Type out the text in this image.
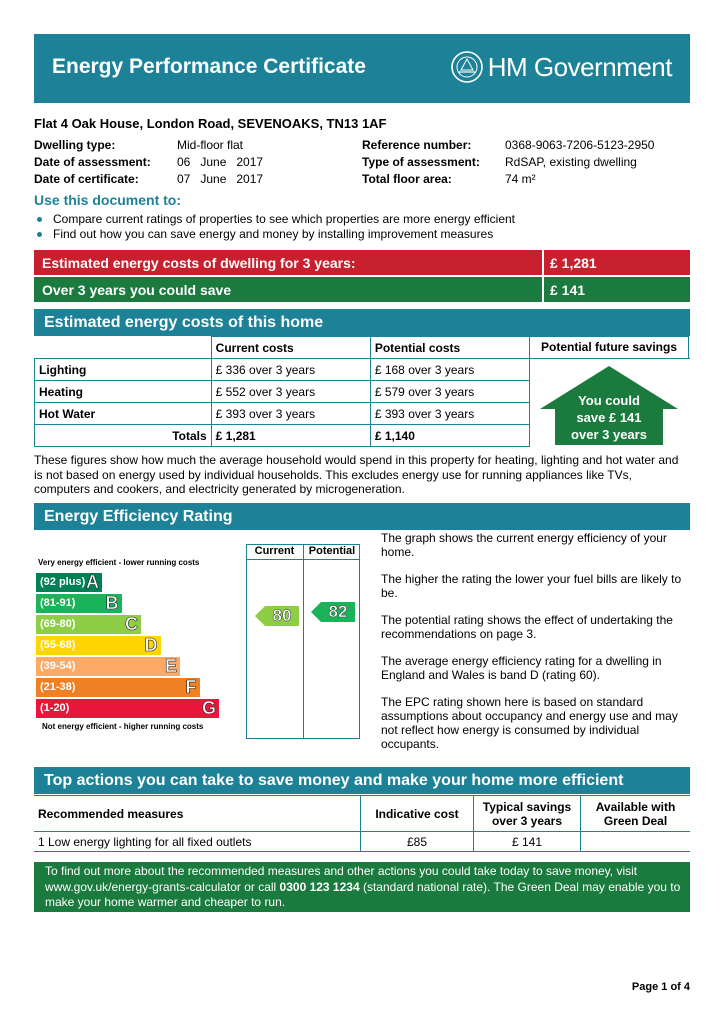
Energy Performance Certificate	HM Government
Flat 4 Oak House, London Road, SEVENOAKS, TN13 1AF
Dwelling type:	Mid-floor flat
Date of assessment: 06   June   2017
Date of certificate:	07   June   2017
Reference number:	0368-9063-7206-5123-2950
Type of assessment: RdSAP, existing dwelling
Total floor area:	74 m²
Use this document to:
Compare current ratings of properties to see which properties are more energy efficient
Find out how you can save energy and money by installing improvement measures
Estimated energy costs of dwelling for 3 years:	£ 1,281
Over 3 years you could save	£ 141
Estimated energy costs of this home
	Current costs	Potential costs
Lighting	£ 336 over 3 years	£ 168 over 3 years
Heating	£ 552 over 3 years	£ 579 over 3 years
Hot Water	£ 393 over 3 years	£ 393 over 3 years
Totals	£ 1,281	£ 1,140
Potential future savings
You could
save £ 141
over 3 years
These figures show how much the average household would spend in this property for heating, lighting and hot water and is not based on energy used by individual households. This excludes energy use for running appliances like TVs, computers and cookers, and electricity generated by microgeneration.
Energy Efficiency Rating
Current	Potential
Very energy efficient - lower running costs
(92 plus) A
(81-91) B
(69-80)	C
(55-68)	D
(39-54)	E
(21-38)	F
(1-20)	G
Not energy efficient - higher running costs
80	82

The graph shows the current energy efficiency of your home.

The higher the rating the lower your fuel bills are likely to be.

The potential rating shows the effect of undertaking the recommendations on page 3.

The average energy efficiency rating for a dwelling in England and Wales is band D (rating 60).

The EPC rating shown here is based on standard assumptions about occupancy and energy use and may not reflect how energy is consumed by individual occupants.

Top actions you can take to save money and make your home more efficient
Recommended measures	Indicative cost	Typical savings over 3 years	Available with Green Deal
1 Low energy lighting for all fixed outlets	£85	£ 141	
To find out more about the recommended measures and other actions you could take today to save money, visit www.gov.uk/energy-grants-calculator or call 0300 123 1234 (standard national rate). The Green Deal may enable you to make your home warmer and cheaper to run.
Page 1 of 4
